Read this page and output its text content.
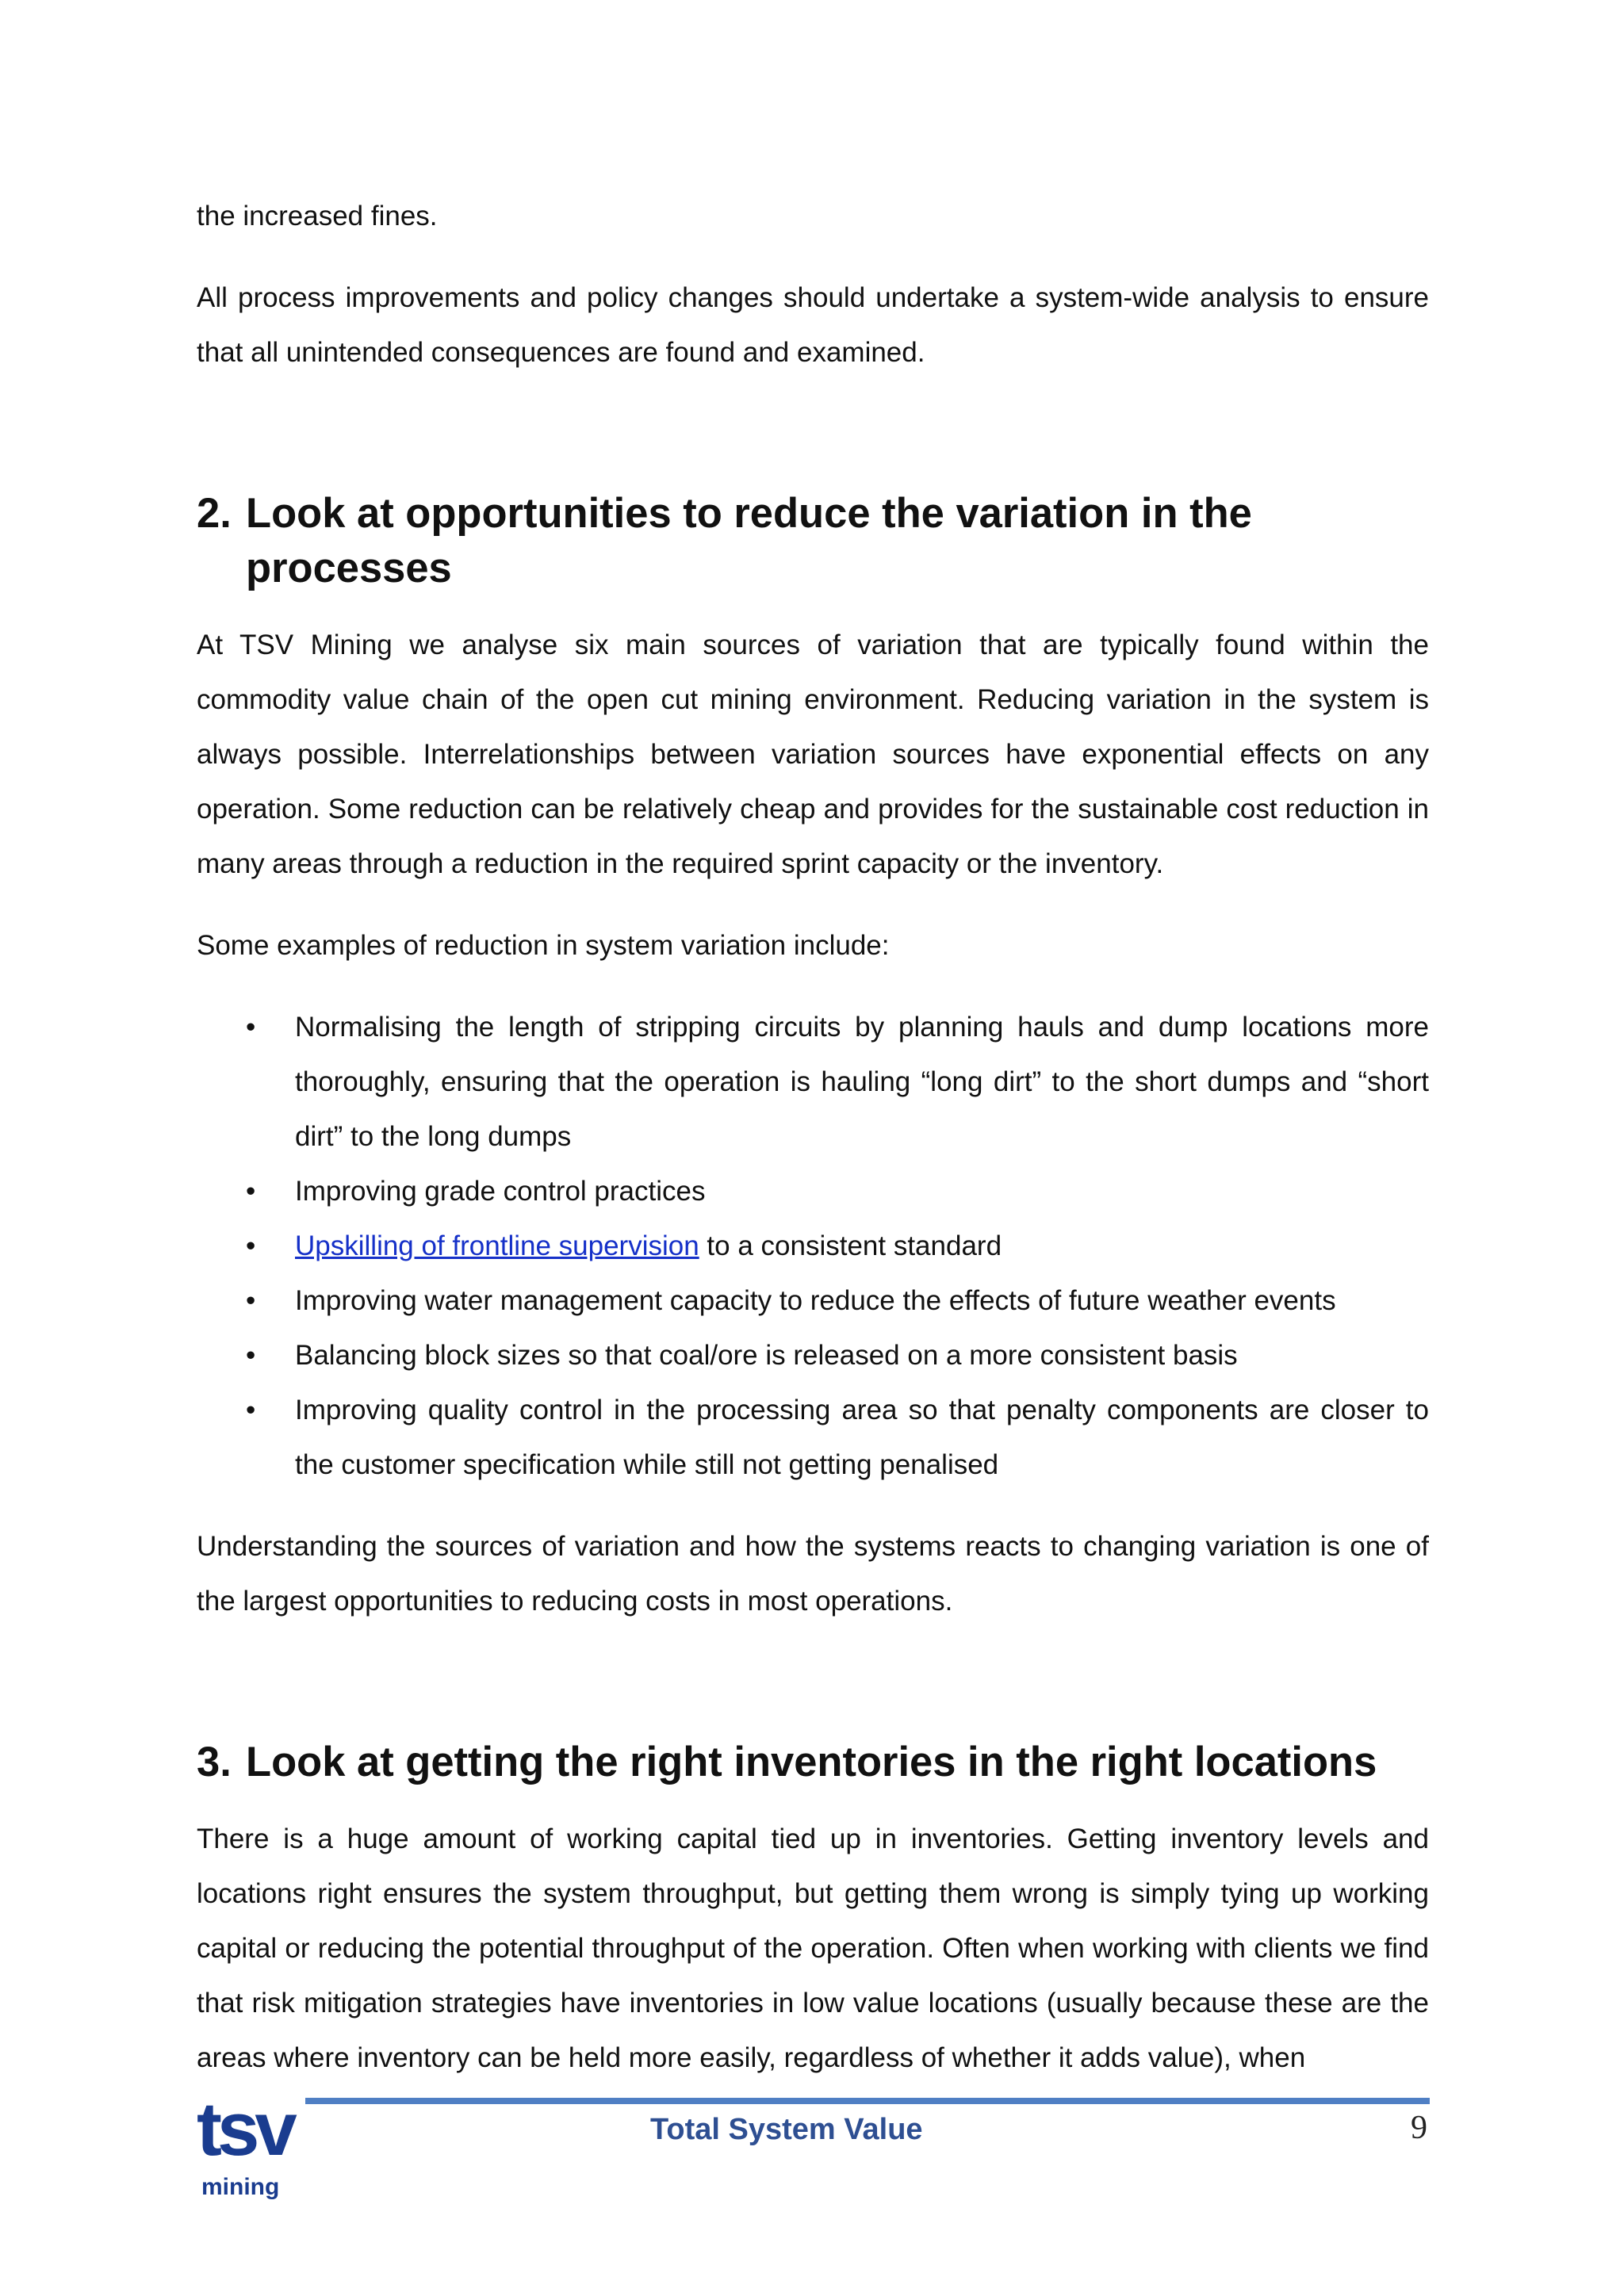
the increased fines.

All process improvements and policy changes should undertake a system-wide analysis to ensure that all unintended consequences are found and examined.

2. Look at opportunities to reduce the variation in the processes

At TSV Mining we analyse six main sources of variation that are typically found within the commodity value chain of the open cut mining environment. Reducing variation in the system is always possible. Interrelationships between variation sources have exponential effects on any operation. Some reduction can be relatively cheap and provides for the sustainable cost reduction in many areas through a reduction in the required sprint capacity or the inventory.

Some examples of reduction in system variation include:

• Normalising the length of stripping circuits by planning hauls and dump locations more thoroughly, ensuring that the operation is hauling “long dirt” to the short dumps and “short dirt” to the long dumps
• Improving grade control practices
• Upskilling of frontline supervision to a consistent standard
• Improving water management capacity to reduce the effects of future weather events
• Balancing block sizes so that coal/ore is released on a more consistent basis
• Improving quality control in the processing area so that penalty components are closer to the customer specification while still not getting penalised

Understanding the sources of variation and how the systems reacts to changing variation is one of the largest opportunities to reducing costs in most operations.

3. Look at getting the right inventories in the right locations

There is a huge amount of working capital tied up in inventories. Getting inventory levels and locations right ensures the system throughput, but getting them wrong is simply tying up working capital or reducing the potential throughput of the operation. Often when working with clients we find that risk mitigation strategies have inventories in low value locations (usually because these are the areas where inventory can be held more easily, regardless of whether it adds value), when

tsv
mining
Total System Value	9
